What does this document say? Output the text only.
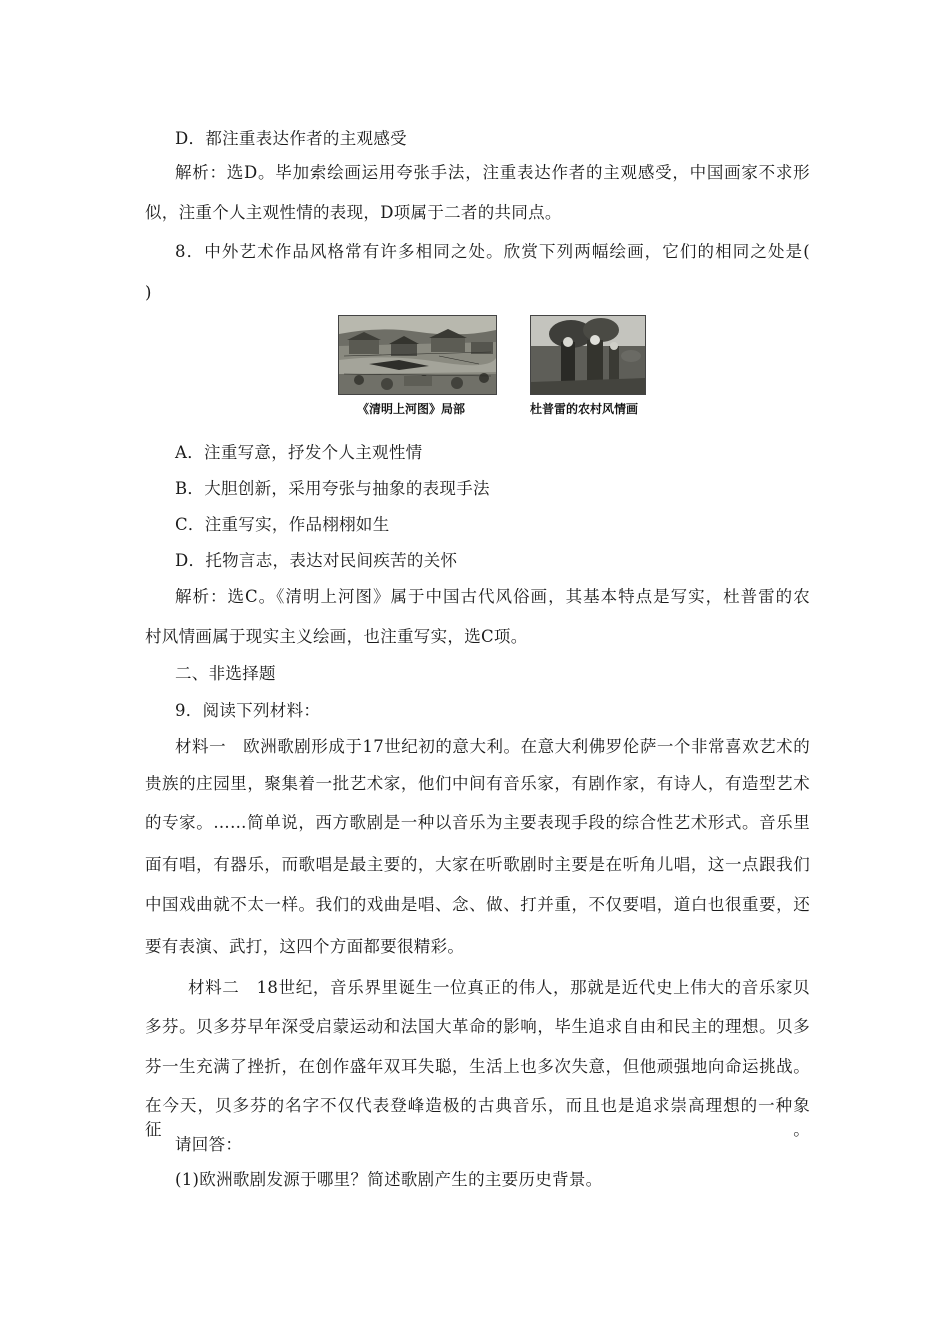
D．都注重表达作者的主观感受
解析：选D。毕加索绘画运用夸张手法，注重表达作者的主观感受，中国画家不求形
似，注重个人主观性情的表现，D项属于二者的共同点。
8．中外艺术作品风格常有许多相同之处。欣赏下列两幅绘画，它们的相同之处是(
)
《清明上河图》局部	杜普雷的农村风情画
A．注重写意，抒发个人主观性情
B．大胆创新，采用夸张与抽象的表现手法
C．注重写实，作品栩栩如生
D．托物言志，表达对民间疾苦的关怀
解析：选C。《清明上河图》属于中国古代风俗画，其基本特点是写实，杜普雷的农
村风情画属于现实主义绘画，也注重写实，选C项。
二、非选择题
9．阅读下列材料：
材料一　欧洲歌剧形成于17世纪初的意大利。在意大利佛罗伦萨一个非常喜欢艺术的
贵族的庄园里，聚集着一批艺术家，他们中间有音乐家，有剧作家，有诗人，有造型艺术
的专家。……简单说，西方歌剧是一种以音乐为主要表现手段的综合性艺术形式。音乐里
面有唱，有器乐，而歌唱是最主要的，大家在听歌剧时主要是在听角儿唱，这一点跟我们
中国戏曲就不太一样。我们的戏曲是唱、念、做、打并重，不仅要唱，道白也很重要，还
要有表演、武打，这四个方面都要很精彩。
材料二　18世纪，音乐界里诞生一位真正的伟人，那就是近代史上伟大的音乐家贝
多芬。贝多芬早年深受启蒙运动和法国大革命的影响，毕生追求自由和民主的理想。贝多
芬一生充满了挫折，在创作盛年双耳失聪，生活上也多次失意，但他顽强地向命运挑战。
在今天，贝多芬的名字不仅代表登峰造极的古典音乐，而且也是追求崇高理想的一种象征。
请回答：
(1)欧洲歌剧发源于哪里？简述歌剧产生的主要历史背景。
